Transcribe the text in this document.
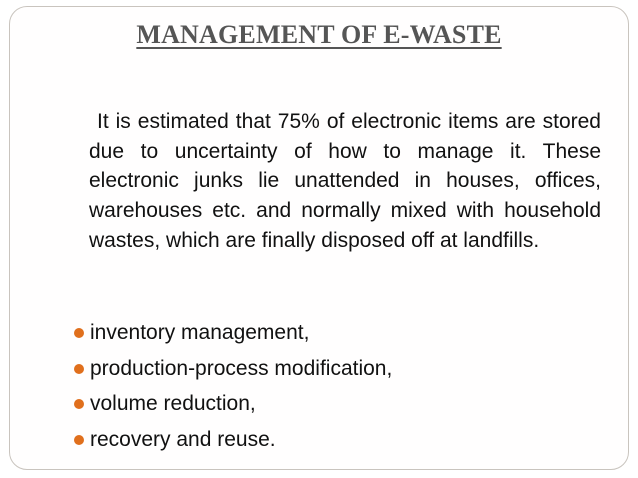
MANAGEMENT OF E-WASTE

It is estimated that 75% of electronic items are stored due to uncertainty of how to manage it. These electronic junks lie unattended in houses, offices, warehouses etc. and normally mixed with household wastes, which are finally disposed off at landfills.

inventory management,
production-process modification,
volume reduction,
recovery and reuse.
